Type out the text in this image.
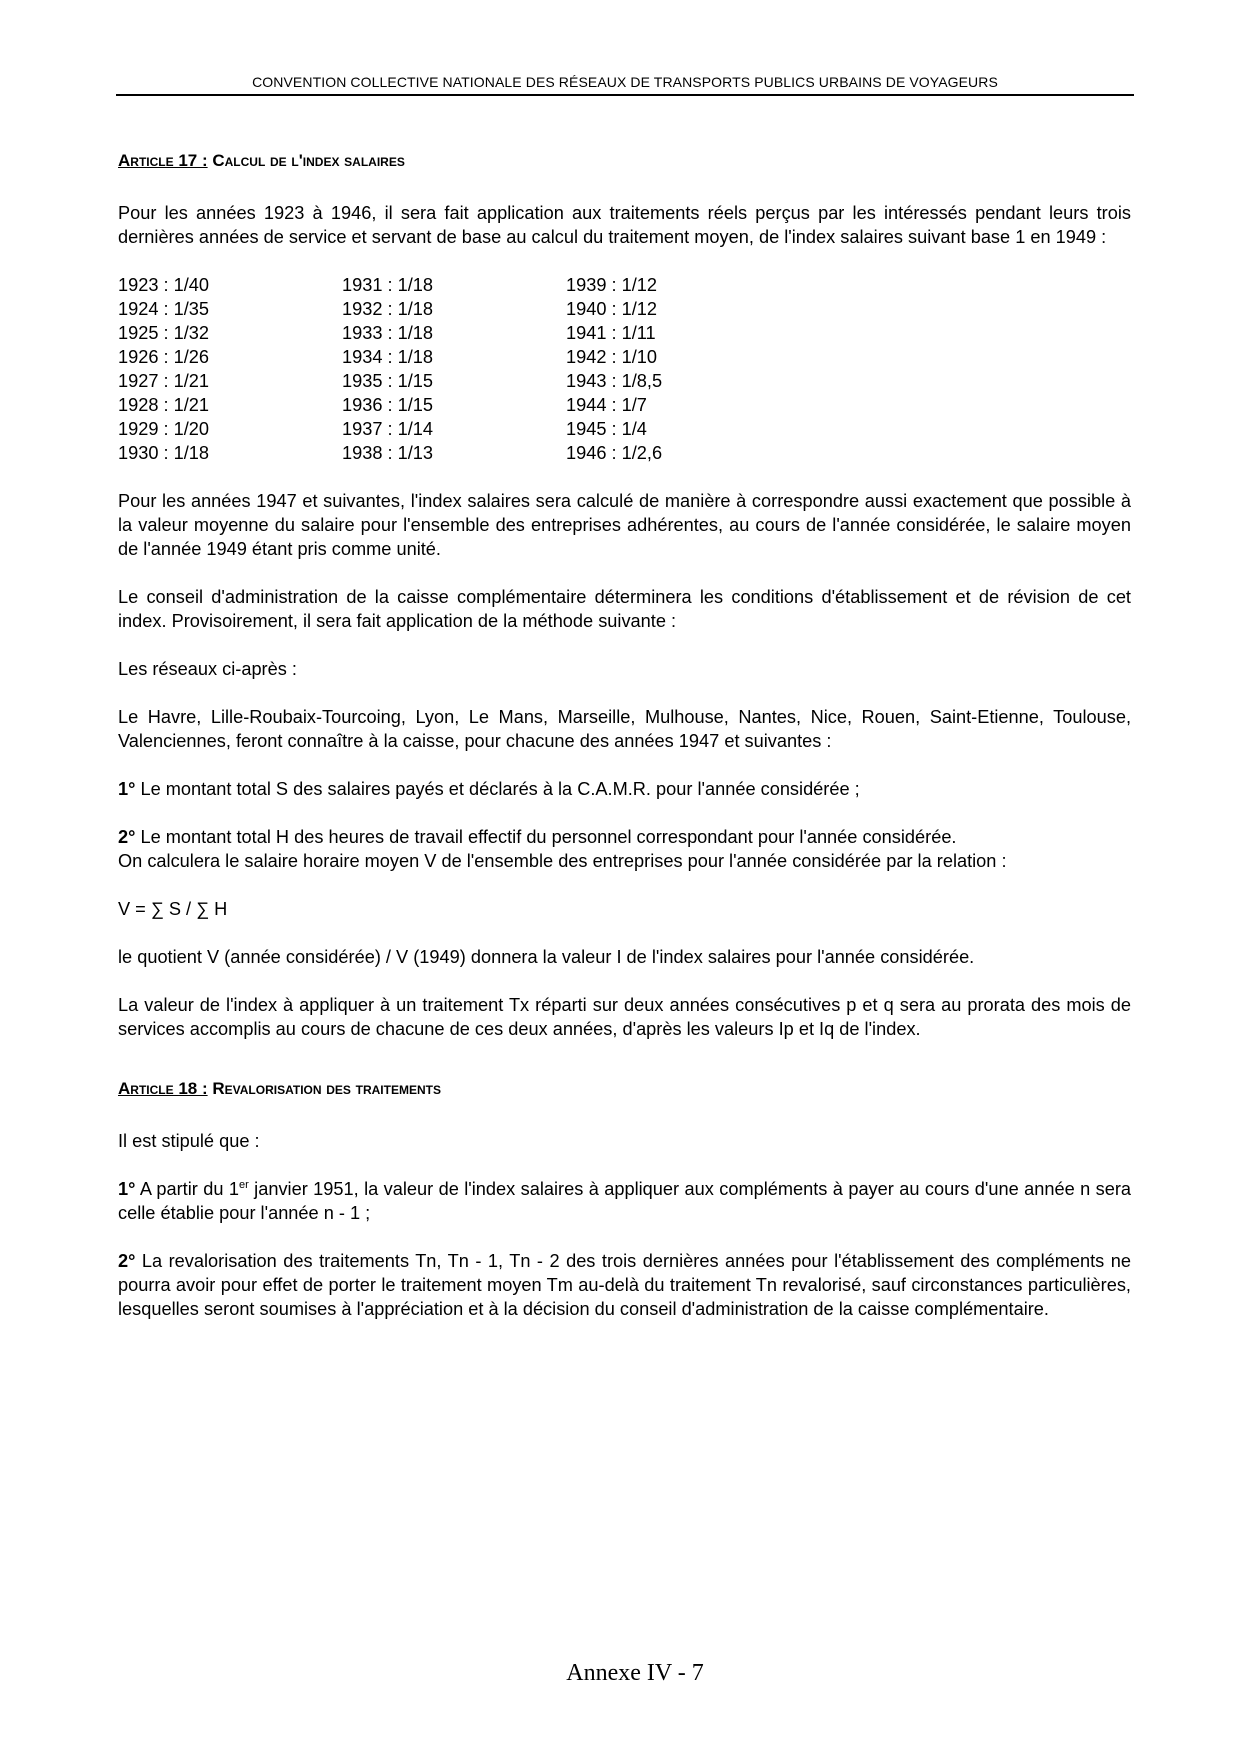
CONVENTION COLLECTIVE NATIONALE DES RÉSEAUX DE TRANSPORTS PUBLICS URBAINS DE VOYAGEURS
Article 17 : Calcul de l'index salaires

Pour les années 1923 à 1946, il sera fait application aux traitements réels perçus par les intéressés pendant leurs trois dernières années de service et servant de base au calcul du traitement moyen, de l'index salaires suivant base 1 en 1949 :

1923 : 1/40	1931 : 1/18	1939 : 1/12
1924 : 1/35	1932 : 1/18	1940 : 1/12
1925 : 1/32	1933 : 1/18	1941 : 1/11
1926 : 1/26	1934 : 1/18	1942 : 1/10
1927 : 1/21	1935 : 1/15	1943 : 1/8,5
1928 : 1/21	1936 : 1/15	1944 : 1/7
1929 : 1/20	1937 : 1/14	1945 : 1/4
1930 : 1/18	1938 : 1/13	1946 : 1/2,6

Pour les années 1947 et suivantes, l'index salaires sera calculé de manière à correspondre aussi exactement que possible à la valeur moyenne du salaire pour l'ensemble des entreprises adhérentes, au cours de l'année considérée, le salaire moyen de l'année 1949 étant pris comme unité.

Le conseil d'administration de la caisse complémentaire déterminera les conditions d'établissement et de révision de cet index. Provisoirement, il sera fait application de la méthode suivante :

Les réseaux ci-après :

Le Havre, Lille-Roubaix-Tourcoing, Lyon, Le Mans, Marseille, Mulhouse, Nantes, Nice, Rouen, Saint-Etienne, Toulouse, Valenciennes, feront connaître à la caisse, pour chacune des années 1947 et suivantes :

1° Le montant total S des salaires payés et déclarés à la C.A.M.R. pour l'année considérée ;

2° Le montant total H des heures de travail effectif du personnel correspondant pour l'année considérée.
On calculera le salaire horaire moyen V de l'ensemble des entreprises pour l'année considérée par la relation :

V = ∑ S / ∑ H

le quotient V (année considérée) / V (1949) donnera la valeur I de l'index salaires pour l'année considérée.

La valeur de l'index à appliquer à un traitement Tx réparti sur deux années consécutives p et q sera au prorata des mois de services accomplis au cours de chacune de ces deux années, d'après les valeurs Ip et Iq de l'index.

Article 18 : Revalorisation des traitements

Il est stipulé que :

1° A partir du 1er janvier 1951, la valeur de l'index salaires à appliquer aux compléments à payer au cours d'une année n sera celle établie pour l'année n - 1 ;

2° La revalorisation des traitements Tn, Tn - 1, Tn - 2 des trois dernières années pour l'établissement des compléments ne pourra avoir pour effet de porter le traitement moyen Tm au-delà du traitement Tn revalorisé, sauf circonstances particulières, lesquelles seront soumises à l'appréciation et à la décision du conseil d'administration de la caisse complémentaire.

Annexe IV - 7
